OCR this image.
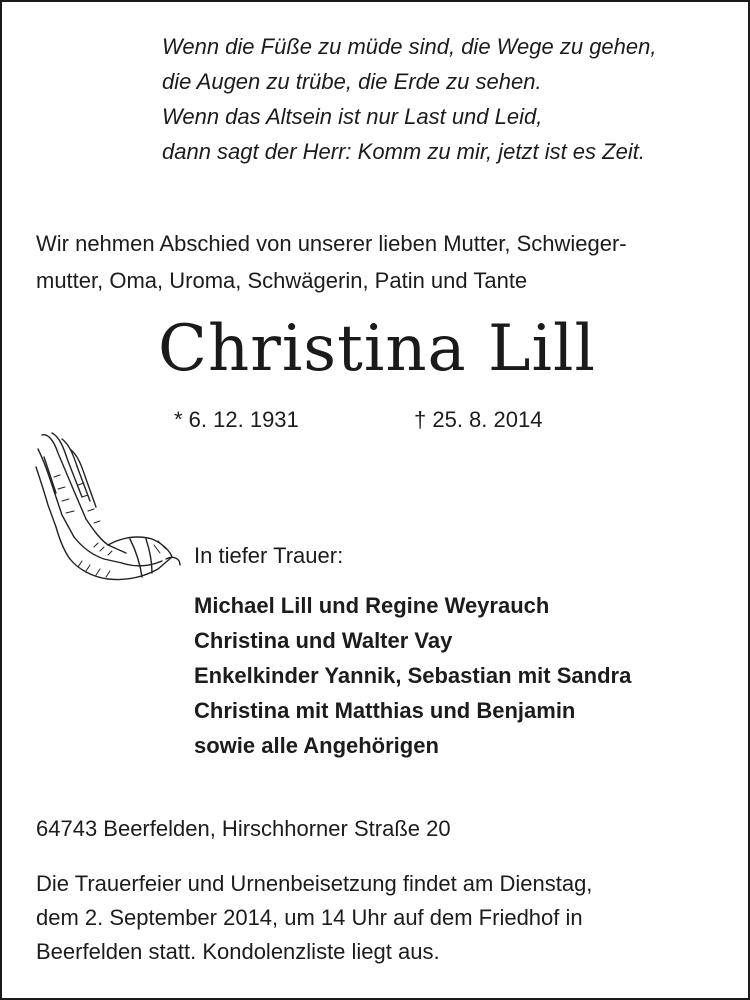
Wenn die Füße zu müde sind, die Wege zu gehen,
die Augen zu trübe, die Erde zu sehen.
Wenn das Altsein ist nur Last und Leid,
dann sagt der Herr: Komm zu mir, jetzt ist es Zeit.
Wir nehmen Abschied von unserer lieben Mutter, Schwieger-
mutter, Oma, Uroma, Schwägerin, Patin und Tante
Christina Lill
* 6. 12. 1931	† 25. 8. 2014
In tiefer Trauer:
Michael Lill und Regine Weyrauch
Christina und Walter Vay
Enkelkinder Yannik, Sebastian mit Sandra
Christina mit Matthias und Benjamin
sowie alle Angehörigen
64743 Beerfelden, Hirschhorner Straße 20
Die Trauerfeier und Urnenbeisetzung findet am Dienstag,
dem 2. September 2014, um 14 Uhr auf dem Friedhof in
Beerfelden statt. Kondolenzliste liegt aus.
